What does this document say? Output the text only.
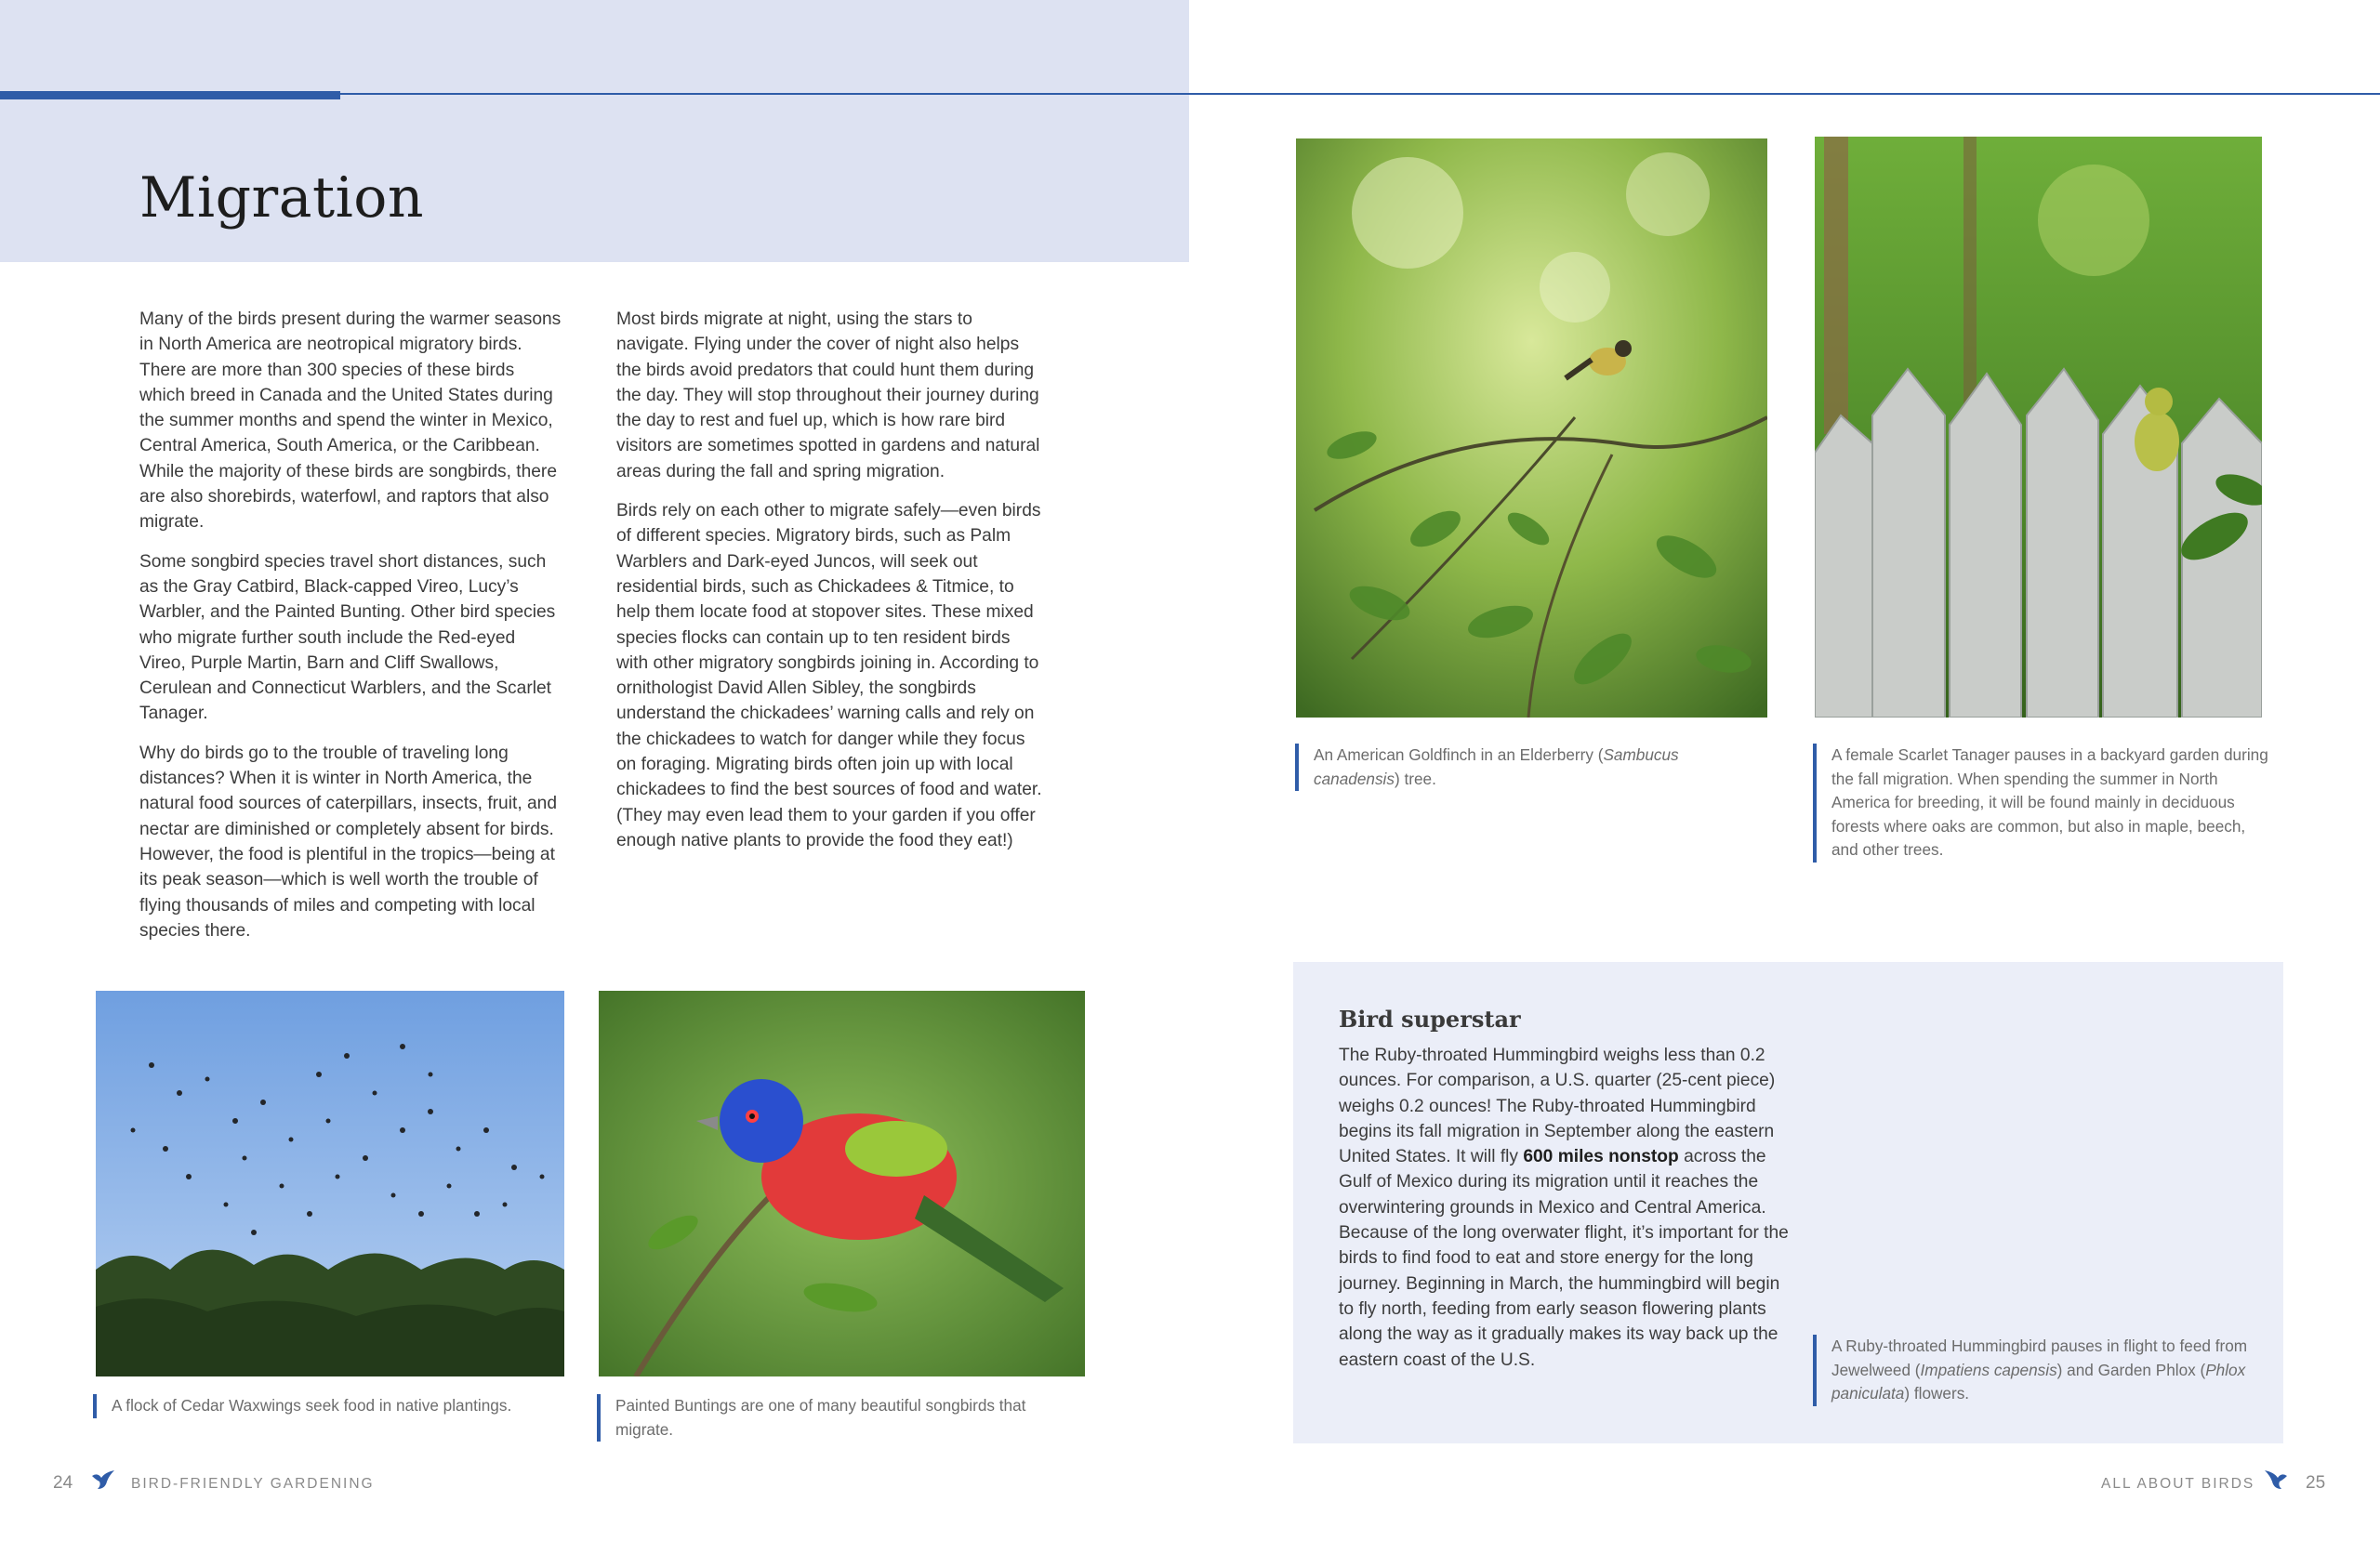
Migration

Many of the birds present during the warmer seasons in North America are neotropical migratory birds. There are more than 300 species of these birds which breed in Canada and the United States during the summer months and spend the winter in Mexico, Central America, South America, or the Caribbean. While the majority of these birds are songbirds, there are also shorebirds, waterfowl, and raptors that also migrate.

Some songbird species travel short distances, such as the Gray Catbird, Black-capped Vireo, Lucy’s Warbler, and the Painted Bunting. Other bird species who migrate further south include the Red-eyed Vireo, Purple Martin, Barn and Cliff Swallows, Cerulean and Connecticut Warblers, and the Scarlet Tanager.

Why do birds go to the trouble of traveling long distances? When it is winter in North America, the natural food sources of caterpillars, insects, fruit, and nectar are diminished or completely absent for birds. However, the food is plentiful in the tropics—being at its peak season—which is well worth the trouble of flying thousands of miles and competing with local species there.

Most birds migrate at night, using the stars to navigate. Flying under the cover of night also helps the birds avoid predators that could hunt them during the day. They will stop throughout their journey during the day to rest and fuel up, which is how rare bird visitors are sometimes spotted in gardens and natural areas during the fall and spring migration.

Birds rely on each other to migrate safely—even birds of different species. Migratory birds, such as Palm Warblers and Dark-eyed Juncos, will seek out residential birds, such as Chickadees & Titmice, to help them locate food at stopover sites. These mixed species flocks can contain up to ten resident birds with other migratory songbirds joining in. According to ornithologist David Allen Sibley, the songbirds understand the chickadees’ warning calls and rely on the chickadees to watch for danger while they focus on foraging. Migrating birds often join up with local chickadees to find the best sources of food and water. (They may even lead them to your garden if you offer enough native plants to provide the food they eat!)

An American Goldfinch in an Elderberry (Sambucus canadensis) tree.
A female Scarlet Tanager pauses in a backyard garden during the fall migration. When spending the summer in North America for breeding, it will be found mainly in deciduous forests where oaks are common, but also in maple, beech, and other trees.
A flock of Cedar Waxwings seek food in native plantings.	Painted Buntings are one of many beautiful songbirds that migrate.
Bird superstar
The Ruby-throated Hummingbird weighs less than 0.2 ounces. For comparison, a U.S. quarter (25-cent piece) weighs 0.2 ounces! The Ruby-throated Hummingbird begins its fall migration in September along the eastern United States. It will fly 600 miles nonstop across the Gulf of Mexico during its migration until it reaches the overwintering grounds in Mexico and Central America. Because of the long overwater flight, it’s important for the birds to find food to eat and store energy for the long journey. Beginning in March, the hummingbird will begin to fly north, feeding from early season flowering plants along the way as it gradually makes its way back up the eastern coast of the U.S.
A Ruby-throated Hummingbird pauses in flight to feed from Jewelweed (Impatiens capensis) and Garden Phlox (Phlox paniculata) flowers.
24	BIRD-FRIENDLY GARDENING	ALL ABOUT BIRDS	25
